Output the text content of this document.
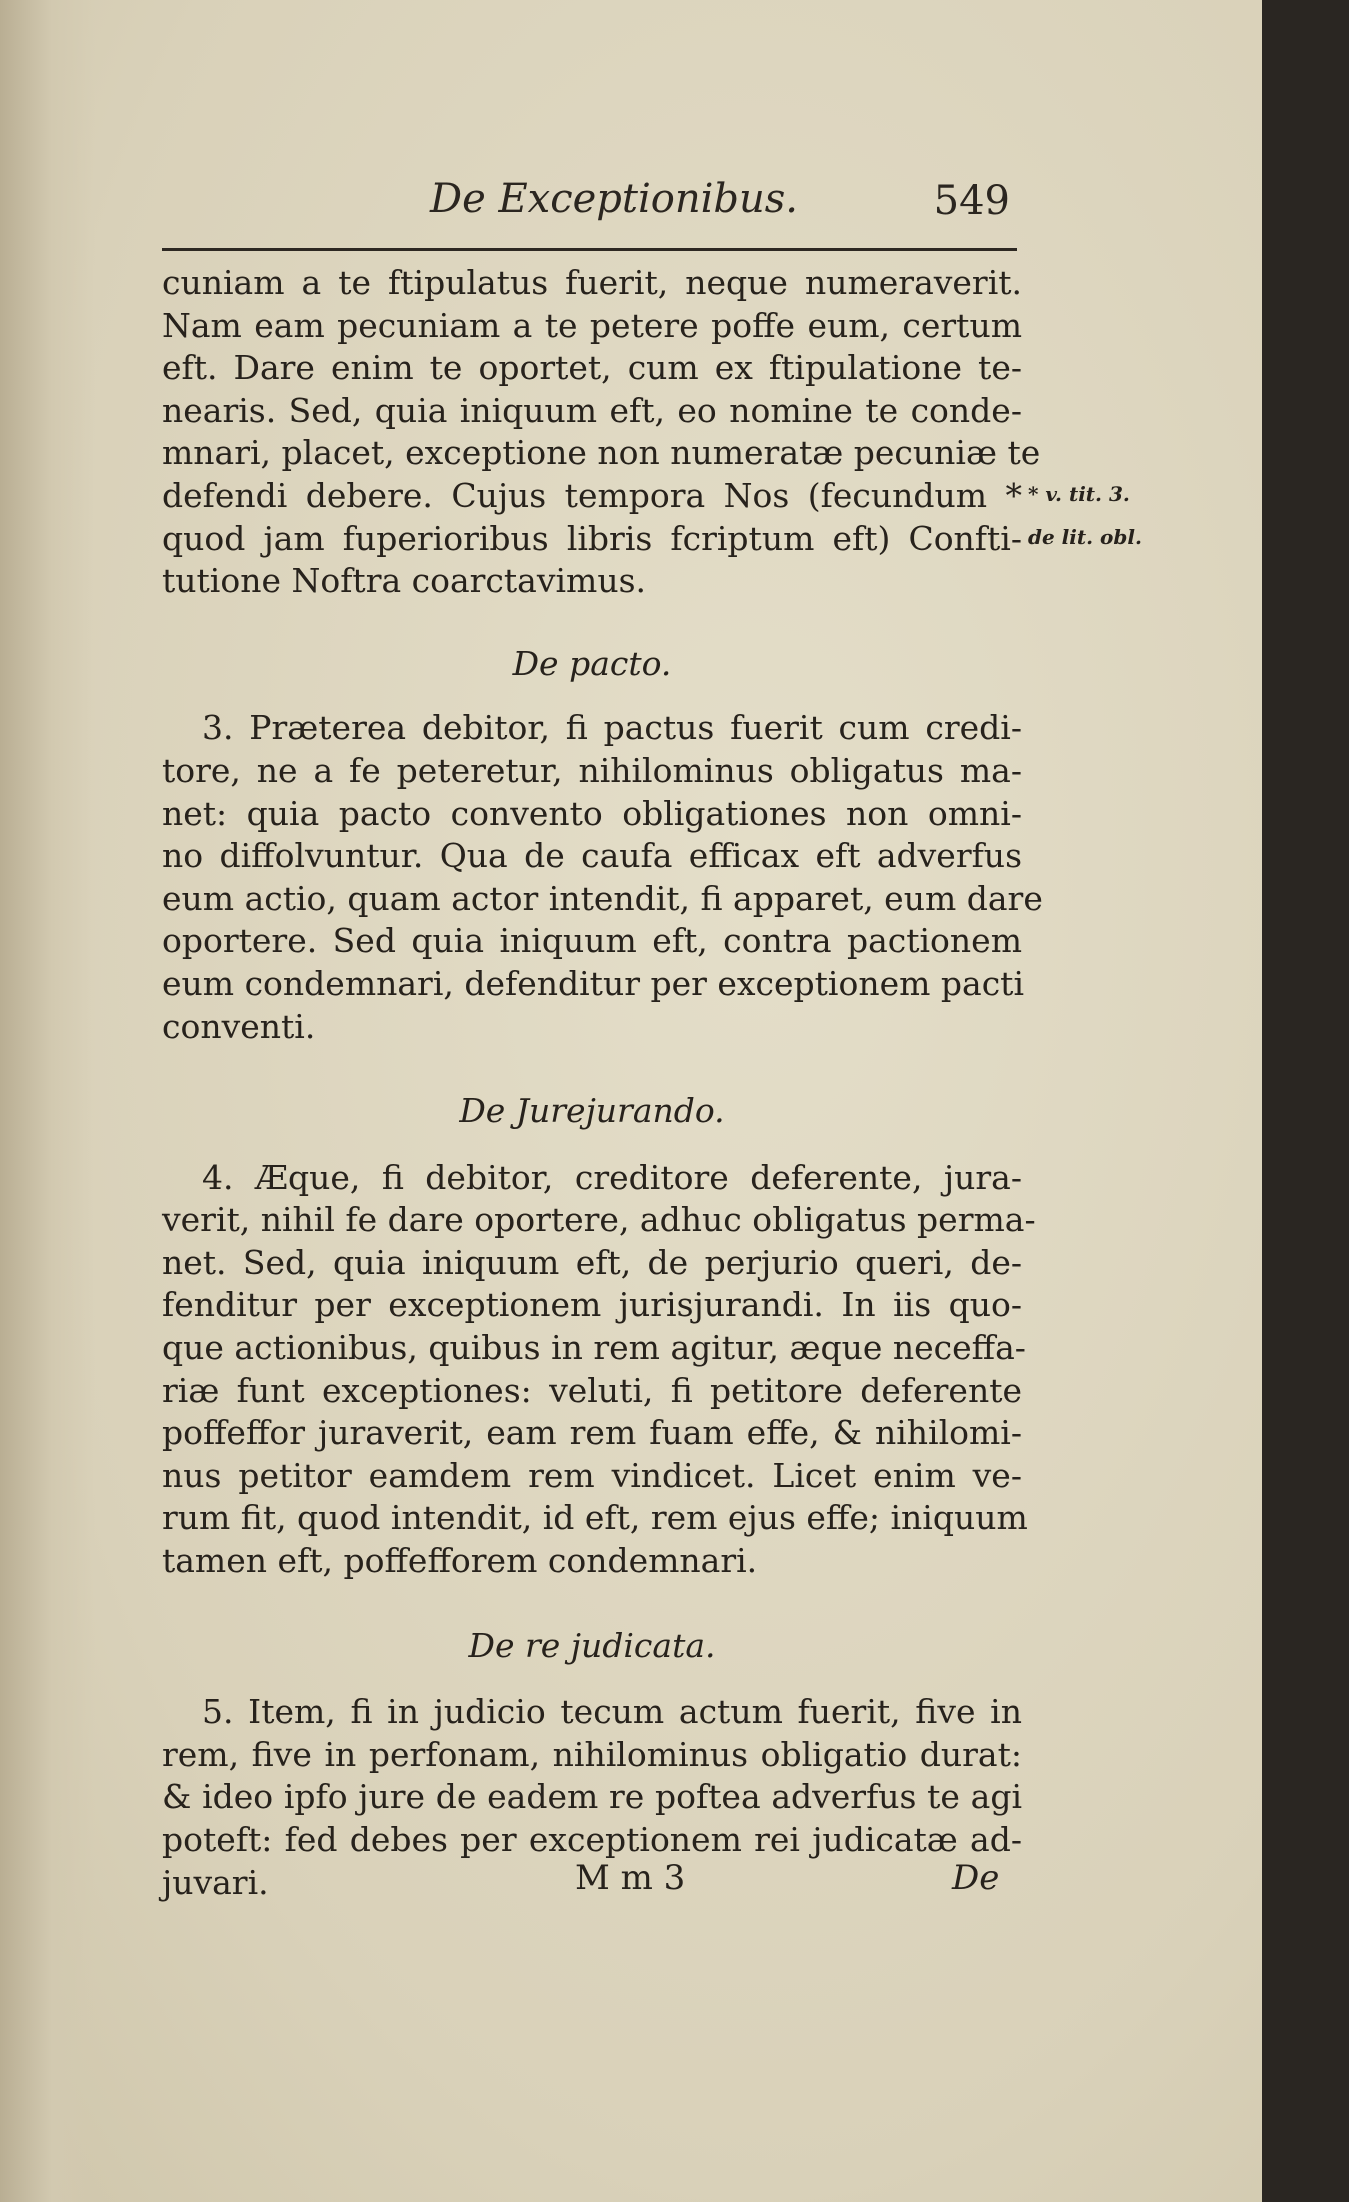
De Exceptionibus.	549
cuniam a te ftipulatus fuerit, neque numeraverit.
Nam eam pecuniam a te petere poffe eum, certum
eft. Dare enim te oportet, cum ex ftipulatione te-
nearis. Sed, quia iniquum eft, eo nomine te conde-
mnari, placet, exceptione non numeratæ pecuniæ te
defendi debere. Cujus tempora Nos (fecundum *
quod jam fuperioribus libris fcriptum eft) Confti-
tutione Noftra coarctavimus.
De pacto.
3. Præterea debitor, fi pactus fuerit cum credi-
tore, ne a fe peteretur, nihilominus obligatus ma-
net: quia pacto convento obligationes non omni-
no diffolvuntur. Qua de caufa efficax eft adverfus
eum actio, quam actor intendit, fi apparet, eum dare
oportere. Sed quia iniquum eft, contra pactionem
eum condemnari, defenditur per exceptionem pacti
conventi.
De Jurejurando.
4. Æque, fi debitor, creditore deferente, jura-
verit, nihil fe dare oportere, adhuc obligatus perma-
net. Sed, quia iniquum eft, de perjurio queri, de-
fenditur per exceptionem jurisjurandi. In iis quo-
que actionibus, quibus in rem agitur, æque neceffa-
riæ funt exceptiones: veluti, fi petitore deferente
poffeffor juraverit, eam rem fuam effe, & nihilomi-
nus petitor eamdem rem vindicet. Licet enim ve-
rum fit, quod intendit, id eft, rem ejus effe; iniquum
tamen eft, poffefforem condemnari.
De re judicata.
5. Item, fi in judicio tecum actum fuerit, five in
rem, five in perfonam, nihilominus obligatio durat:
& ideo ipfo jure de eadem re poftea adverfus te agi
poteft: fed debes per exceptionem rei judicatæ ad-
juvari.
* v. tit. 3.
de lit. obl.
M m 3	De
